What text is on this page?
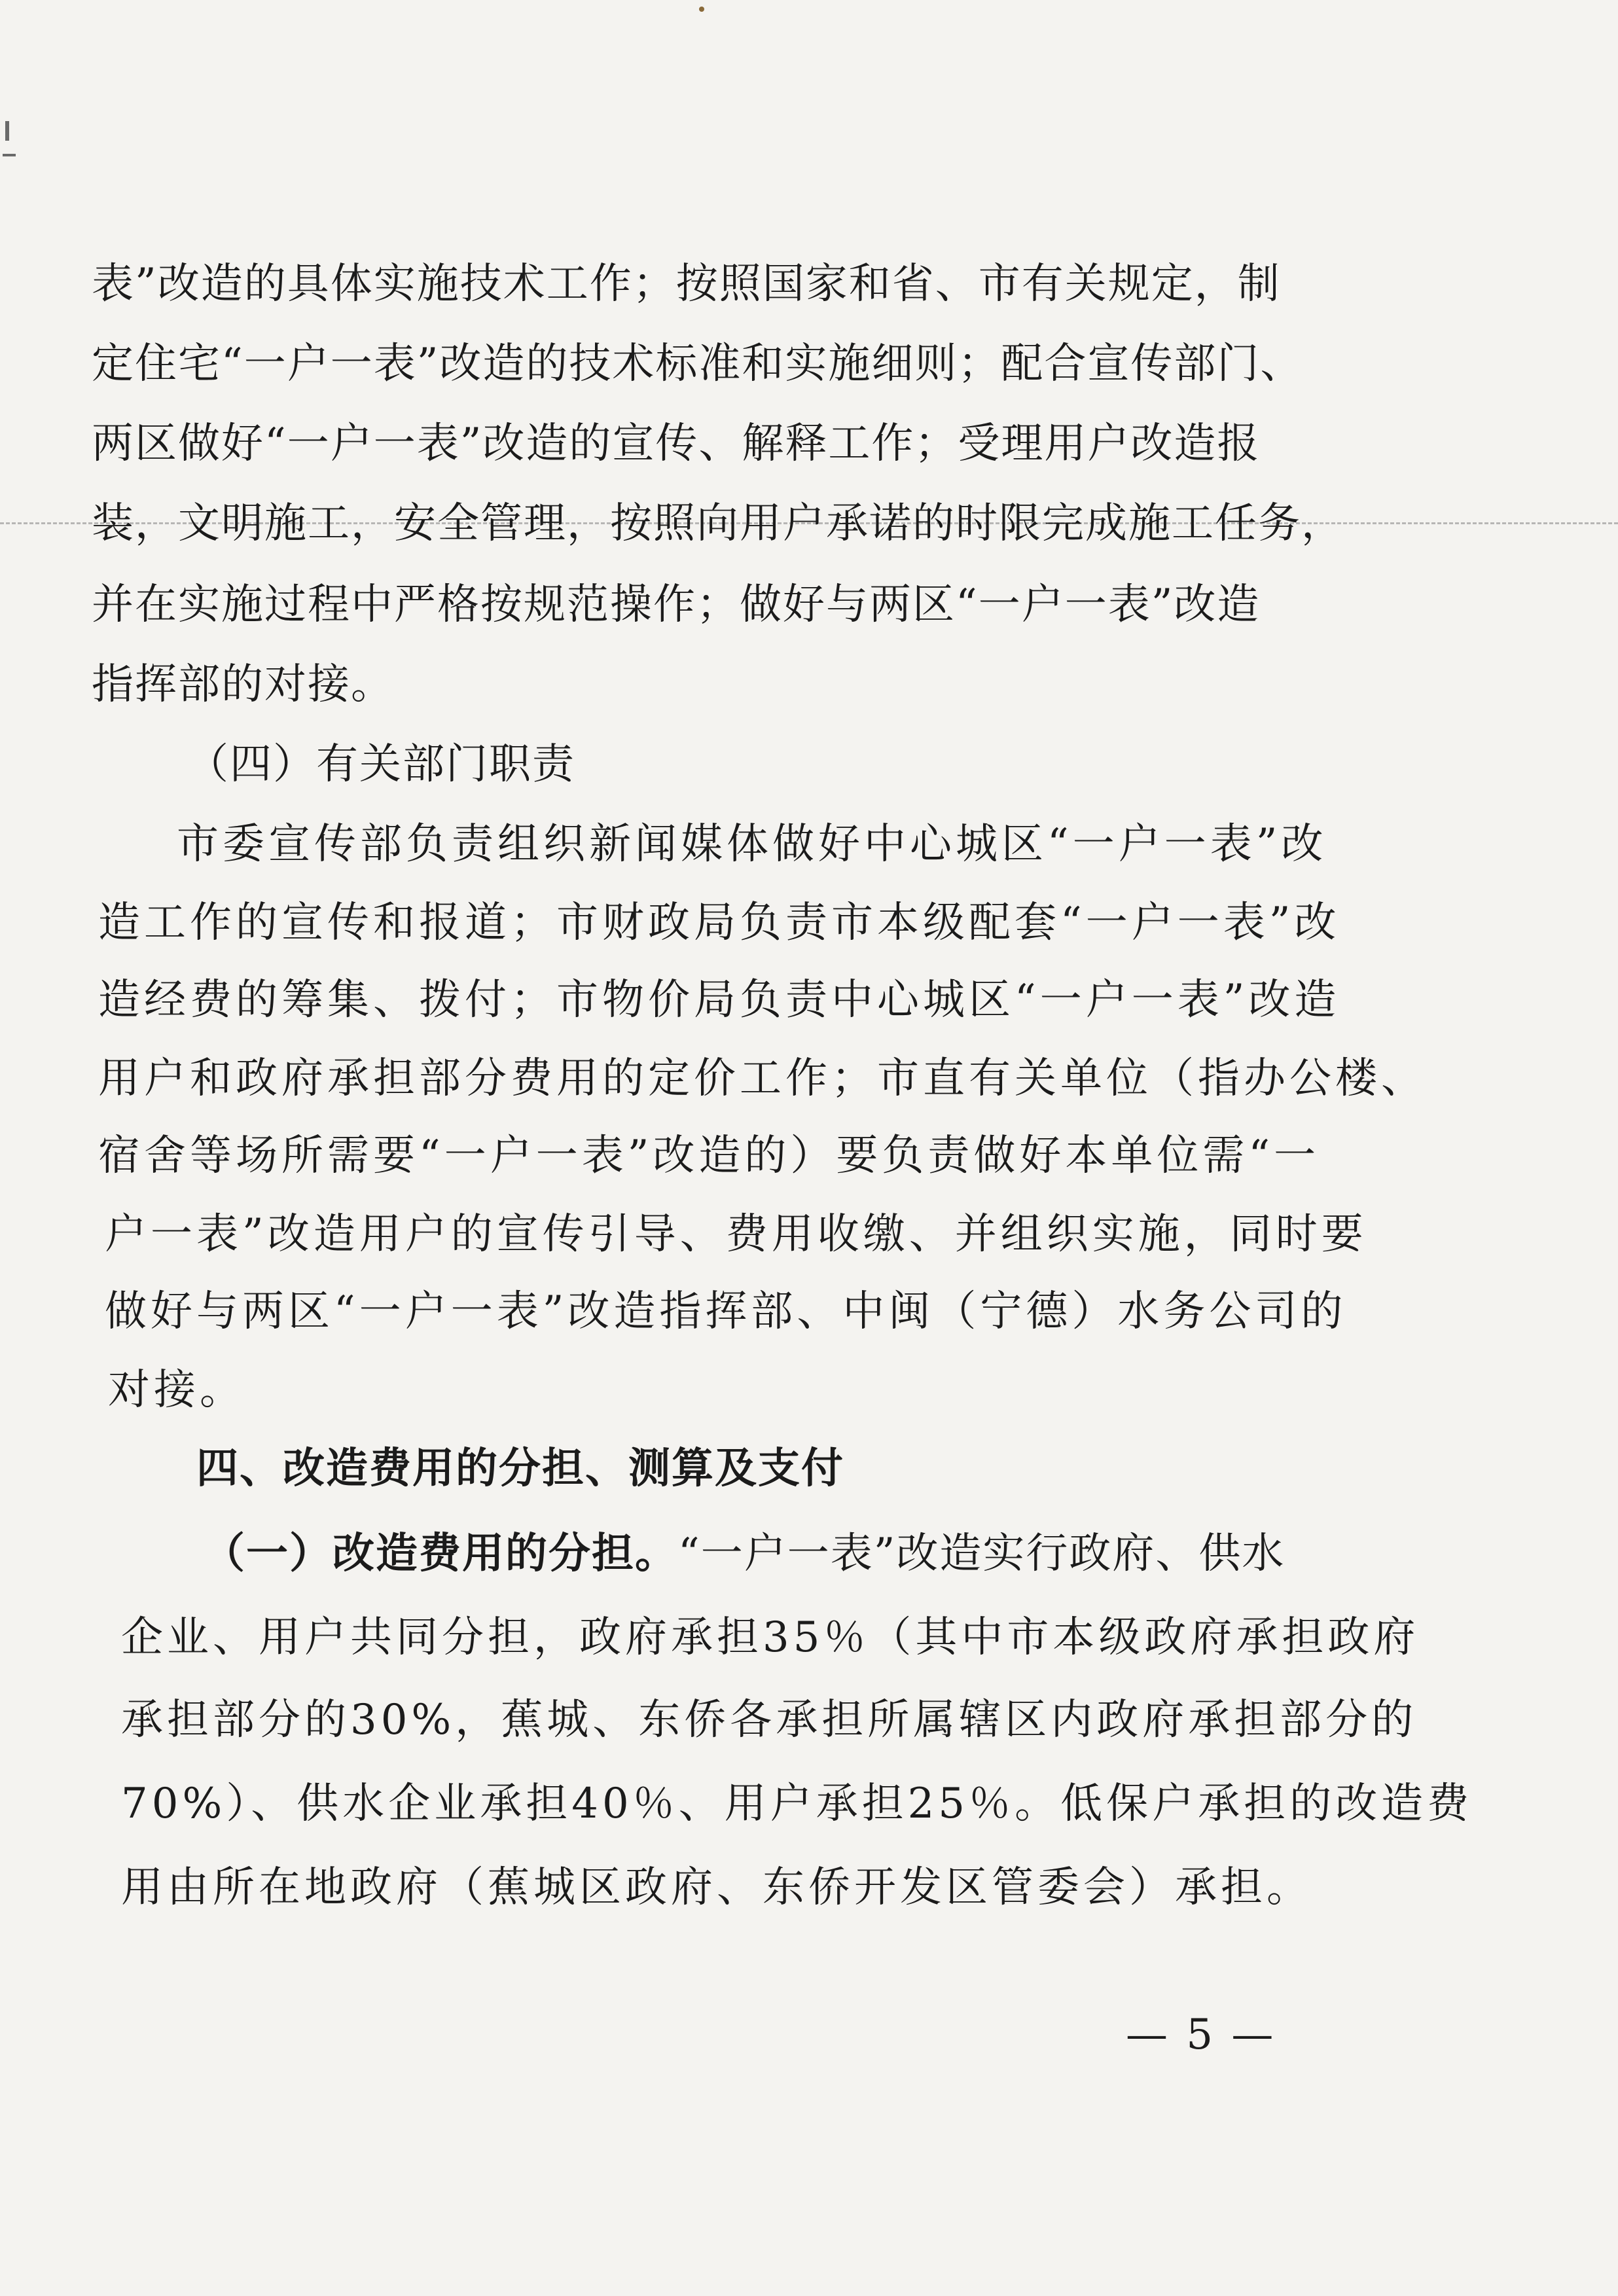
表”改造的具体实施技术工作；按照国家和省、市有关规定，制
定住宅“一户一表”改造的技术标准和实施细则；配合宣传部门、
两区做好“一户一表”改造的宣传、解释工作；受理用户改造报
装，文明施工，安全管理，按照向用户承诺的时限完成施工任务，
并在实施过程中严格按规范操作；做好与两区“一户一表”改造
指挥部的对接。
（四）有关部门职责
市委宣传部负责组织新闻媒体做好中心城区“一户一表”改
造工作的宣传和报道；市财政局负责市本级配套“一户一表”改
造经费的筹集、拨付；市物价局负责中心城区“一户一表”改造
用户和政府承担部分费用的定价工作；市直有关单位（指办公楼、
宿舍等场所需要“一户一表”改造的）要负责做好本单位需“一
户一表”改造用户的宣传引导、费用收缴、并组织实施，同时要
做好与两区“一户一表”改造指挥部、中闽（宁德）水务公司的
对接。
四、改造费用的分担、测算及支付
（一）改造费用的分担。“一户一表”改造实行政府、供水
企业、用户共同分担，政府承担35％（其中市本级政府承担政府
承担部分的30%，蕉城、东侨各承担所属辖区内政府承担部分的
70%）、供水企业承担40％、用户承担25％。低保户承担的改造费
用由所在地政府（蕉城区政府、东侨开发区管委会）承担。
— 5 —
